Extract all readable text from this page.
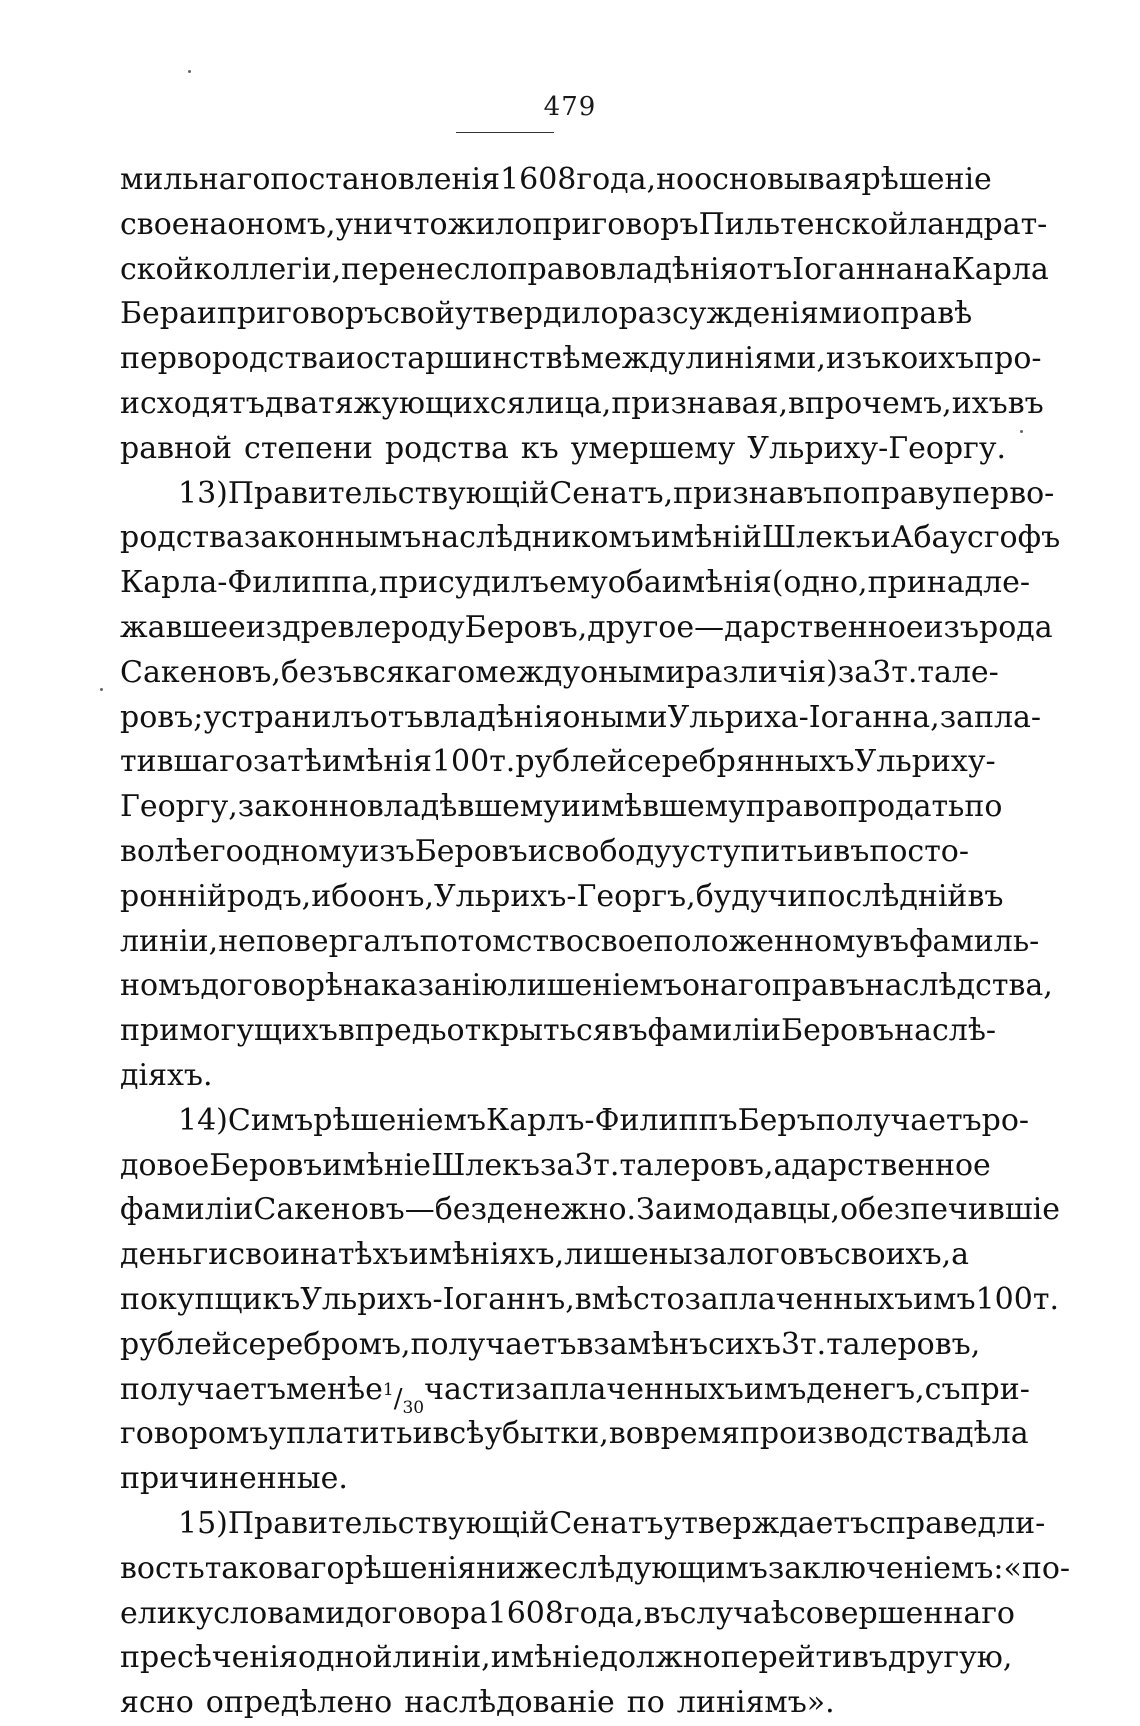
479
мильнаго постановленія 1608 года, но основывая рѣшеніе
свое на ономъ, уничтожило приговоръ Пильтенской ландрат-
ской коллегіи, перенесло право владѣнія отъ Іоганна на Карла
Бера и приговоръ свой утвердило разсужденіями о правѣ
первородства и о старшинствѣ между линіями, изъ коихъ про-
исходятъ два тяжующихся лица, признавая, впрочемъ, ихъ въ
равной степени родства къ умершему Ульриху-Георгу.
13) Правительствующій Сенатъ, признавъ по праву перво-
родства законнымъ наслѣдникомъ имѣній Шлекъ и Абаусгофъ
Карла-Филиппа, присудилъ ему оба имѣнія (одно, принадле-
жавшее издревле роду Беровъ, другое—дарственное изъ рода
Сакеновъ, безъ всякаго между оными различія) за 3 т. тале-
ровъ; устранилъ отъ владѣнія оными Ульриха-Іоганна, запла-
тившаго за тѣ имѣнія 100 т. рублей серебрянныхъ Ульриху-
Георгу, законно владѣвшему и имѣвшему право продать по
волѣ его одному изъ Беровъ и свободу уступить и въ посто-
ронній родъ, ибо онъ, Ульрихъ-Георгъ, будучи послѣдній въ
линіи, не повергалъ потомство свое положенному въ фамиль-
номъ договорѣ наказанію лишеніемъ онаго правъ наслѣдства,
при могущихъ впредь открыться въ фамиліи Беровъ наслѣ-
діяхъ.
14) Симъ рѣшеніемъ Карлъ-Филиппъ Беръ получаетъ ро-
довое Беровъ имѣніе Шлекъ за 3 т. талеровъ, а дарственное
фамиліи Сакеновъ — безденежно. Заимодавцы, обезпечившіе
деньги свои на тѣхъ имѣніяхъ, лишены залоговъ своихъ, а
покупщикъ Ульрихъ-Іоганнъ, вмѣсто заплаченныхъ имъ 100 т.
рублей серебромъ, получаетъ взамѣнъ сихъ 3 т. талеровъ,
получаетъ менѣе $^1/_{30}$
части заплаченныхъ имъ денегъ, съ при-
говоромъ уплатить и всѣ убытки, во время производства дѣла
причиненные.
15) Правительствующій Сенатъ утверждаетъ справедли-
вость таковаго рѣшенія нижеслѣдующимъ заключеніемъ: «по-
елику словами договора 1608 года, въ случаѣ совершеннаго
пресѣченія одной линіи, имѣніе должно перейти въ другую,
ясно опредѣлено наслѣдованіе по линіямъ».
